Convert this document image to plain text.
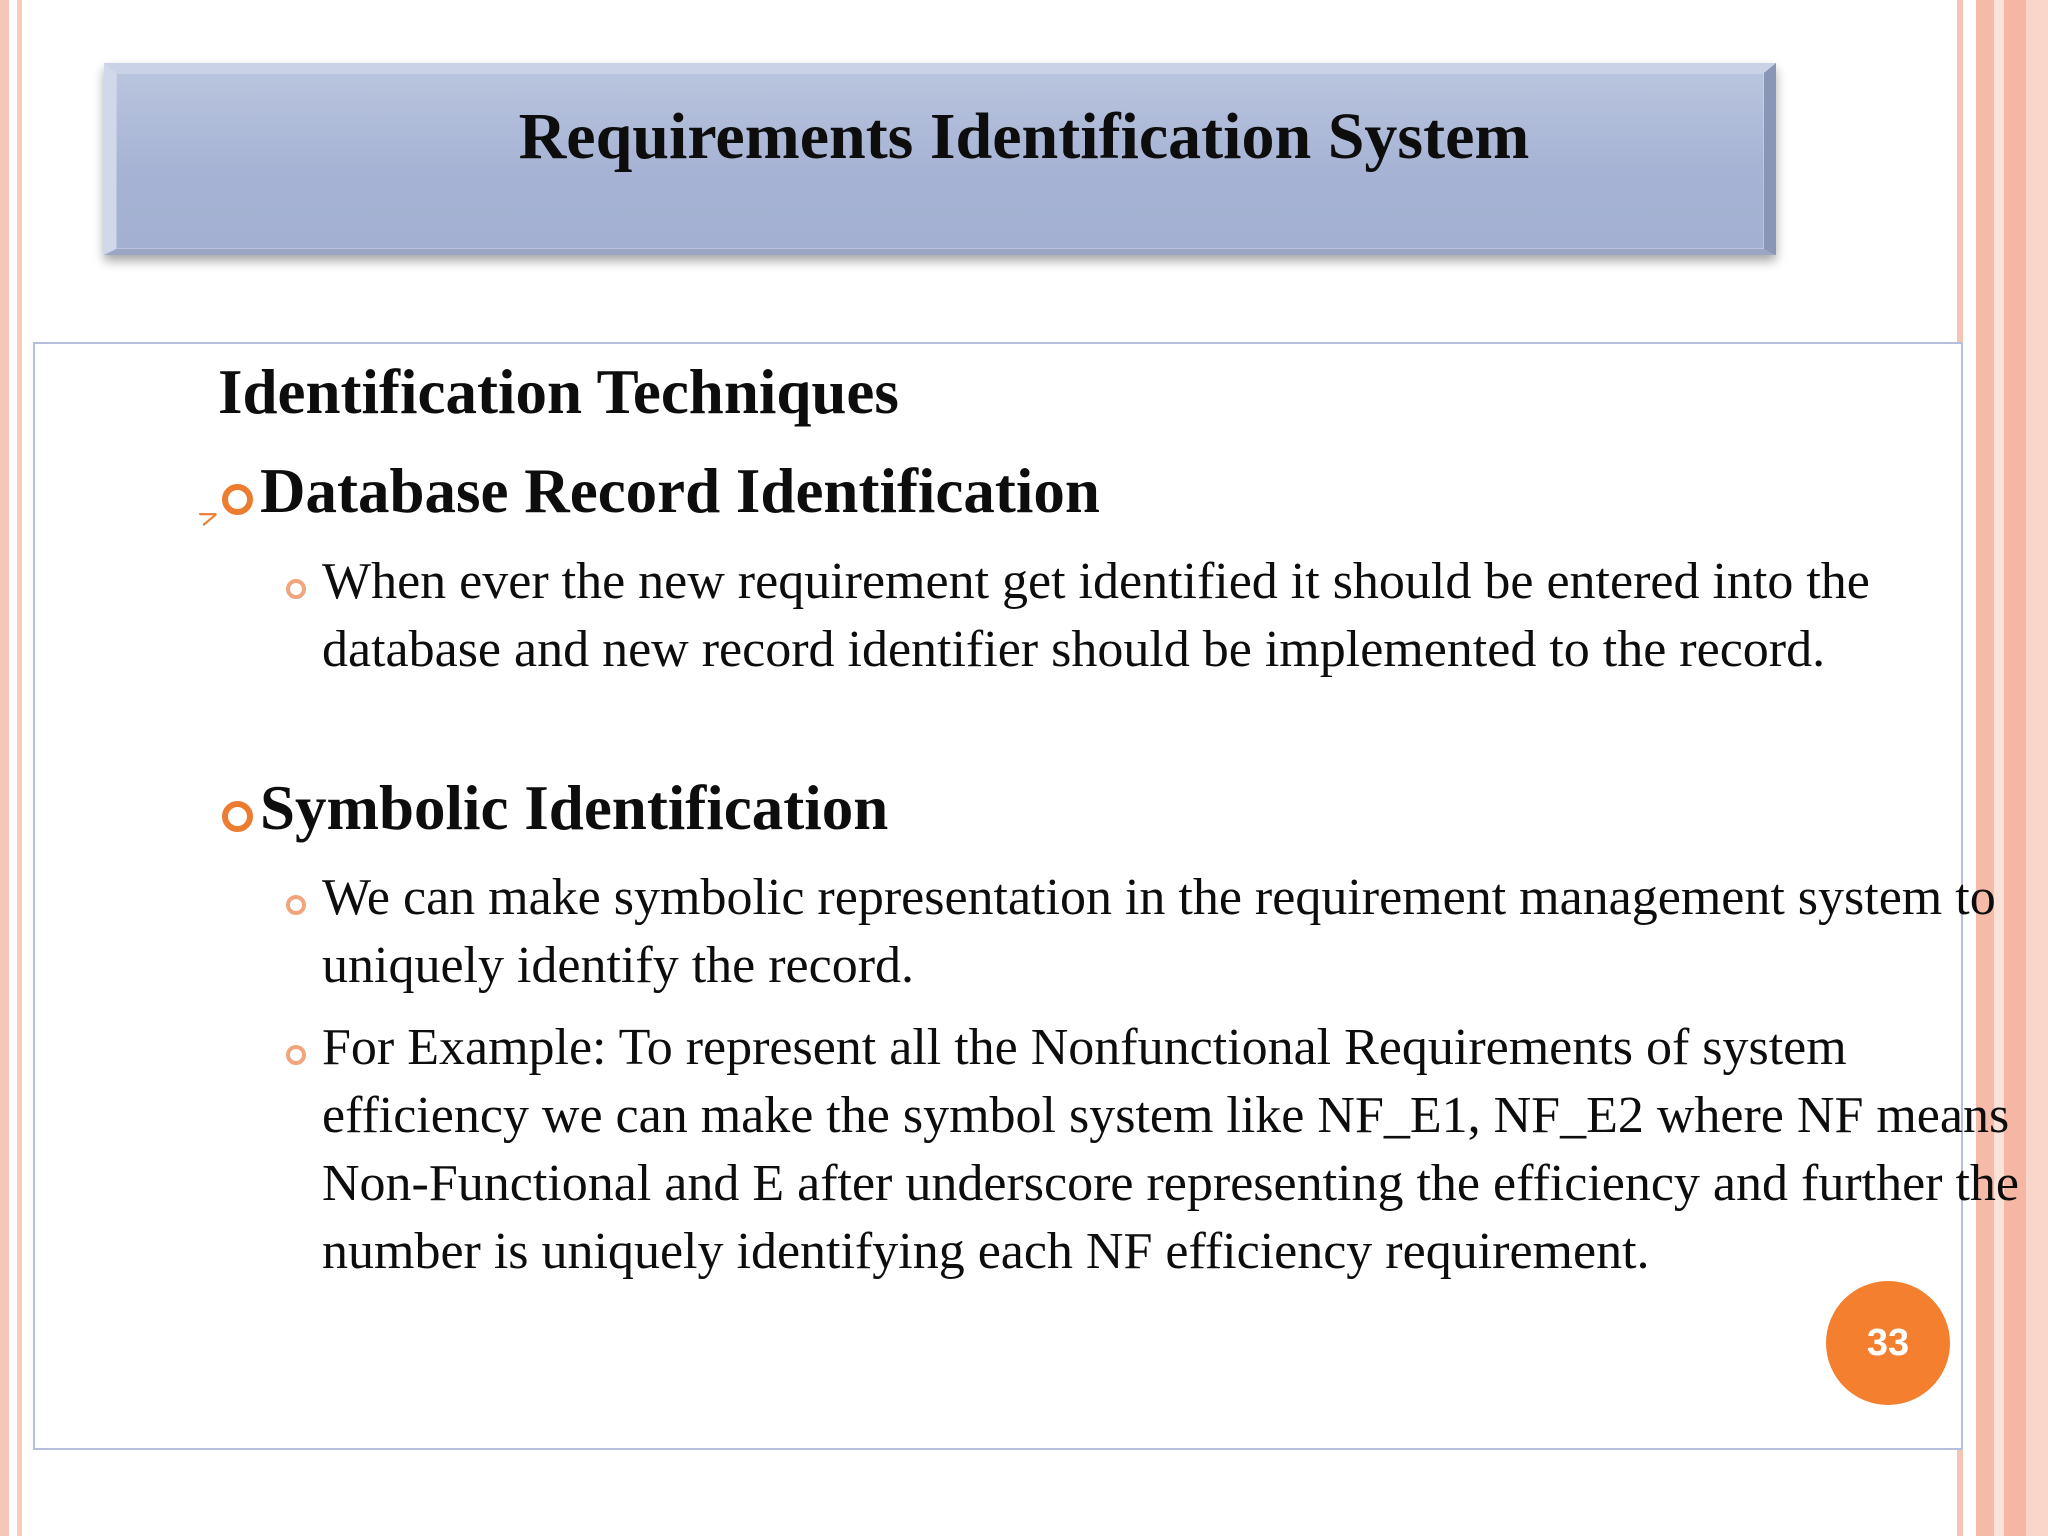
Requirements Identification System
Identification Techniques
> Database Record Identification
When ever the new requirement get identified it should be entered into the database and new record identifier should be implemented to the record.
Symbolic Identification
We can make symbolic representation in the requirement management system to uniquely identify the record.
For Example: To represent all the Nonfunctional Requirements of system efficiency we can make the symbol system like NF_E1, NF_E2 where NF means Non-Functional and E after underscore representing the efficiency and further the number is uniquely identifying each NF efficiency requirement.
33
